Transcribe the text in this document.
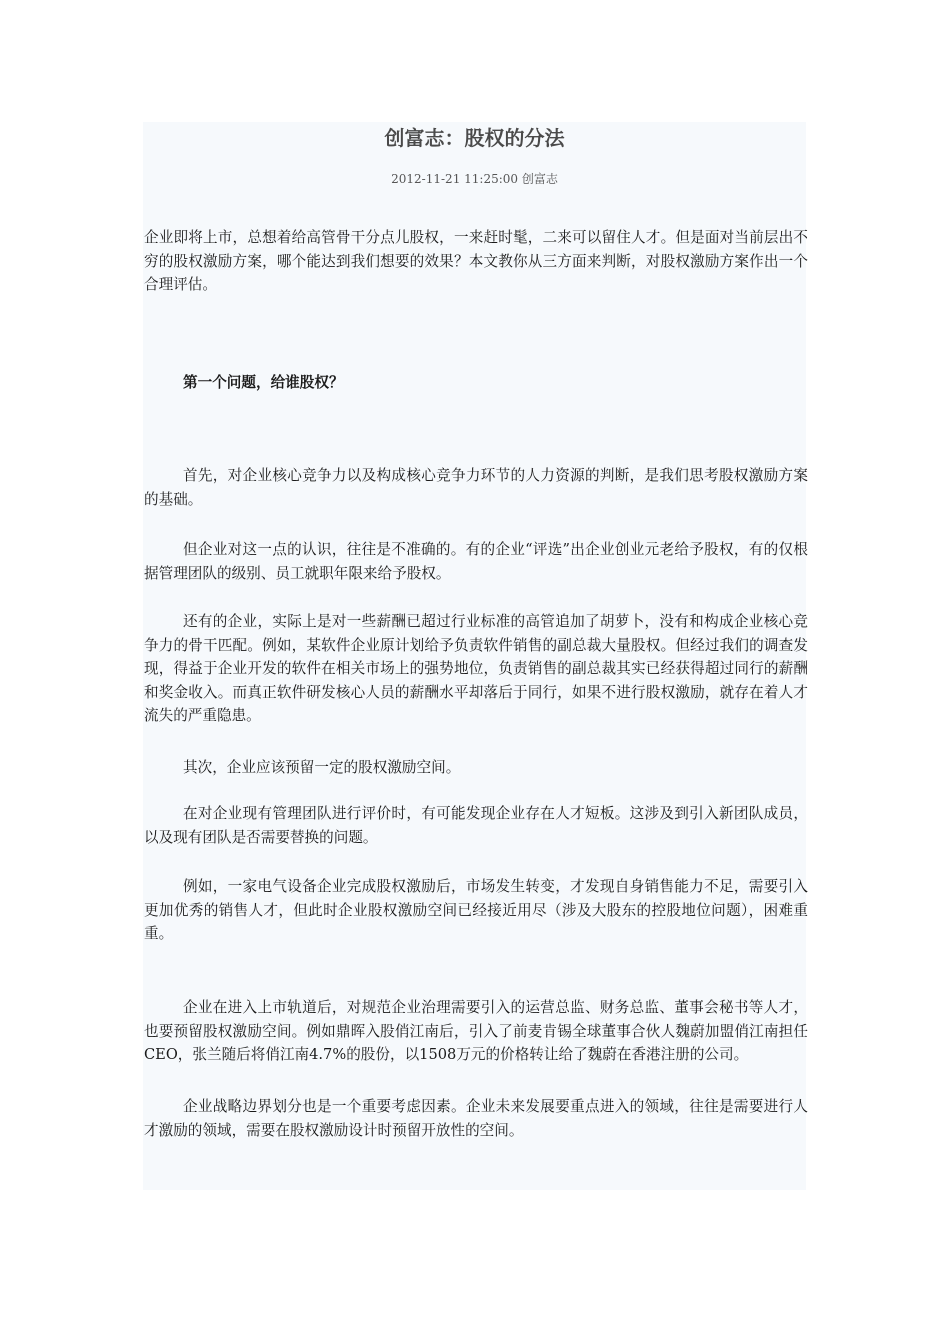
创富志：股权的分法
2012-11-21 11:25:00 创富志

企业即将上市，总想着给高管骨干分点儿股权，一来赶时髦，二来可以留住人才。但是面对当前层出不穷的股权激励方案，哪个能达到我们想要的效果？本文教你从三方面来判断，对股权激励方案作出一个合理评估。

第一个问题，给谁股权？

首先，对企业核心竞争力以及构成核心竞争力环节的人力资源的判断，是我们思考股权激励方案的基础。

但企业对这一点的认识，往往是不准确的。有的企业“评选”出企业创业元老给予股权，有的仅根据管理团队的级别、员工就职年限来给予股权。

还有的企业，实际上是对一些薪酬已超过行业标准的高管追加了胡萝卜，没有和构成企业核心竞争力的骨干匹配。例如，某软件企业原计划给予负责软件销售的副总裁大量股权。但经过我们的调查发现，得益于企业开发的软件在相关市场上的强势地位，负责销售的副总裁其实已经获得超过同行的薪酬和奖金收入。而真正软件研发核心人员的薪酬水平却落后于同行，如果不进行股权激励，就存在着人才流失的严重隐患。

其次，企业应该预留一定的股权激励空间。

在对企业现有管理团队进行评价时，有可能发现企业存在人才短板。这涉及到引入新团队成员，以及现有团队是否需要替换的问题。

例如，一家电气设备企业完成股权激励后，市场发生转变，才发现自身销售能力不足，需要引入更加优秀的销售人才，但此时企业股权激励空间已经接近用尽（涉及大股东的控股地位问题），困难重重。

企业在进入上市轨道后，对规范企业治理需要引入的运营总监、财务总监、董事会秘书等人才，也要预留股权激励空间。例如鼎晖入股俏江南后，引入了前麦肯锡全球董事合伙人魏蔚加盟俏江南担任CEO，张兰随后将俏江南4.7%的股份，以1508万元的价格转让给了魏蔚在香港注册的公司。

企业战略边界划分也是一个重要考虑因素。企业未来发展要重点进入的领域，往往是需要进行人才激励的领域，需要在股权激励设计时预留开放性的空间。
